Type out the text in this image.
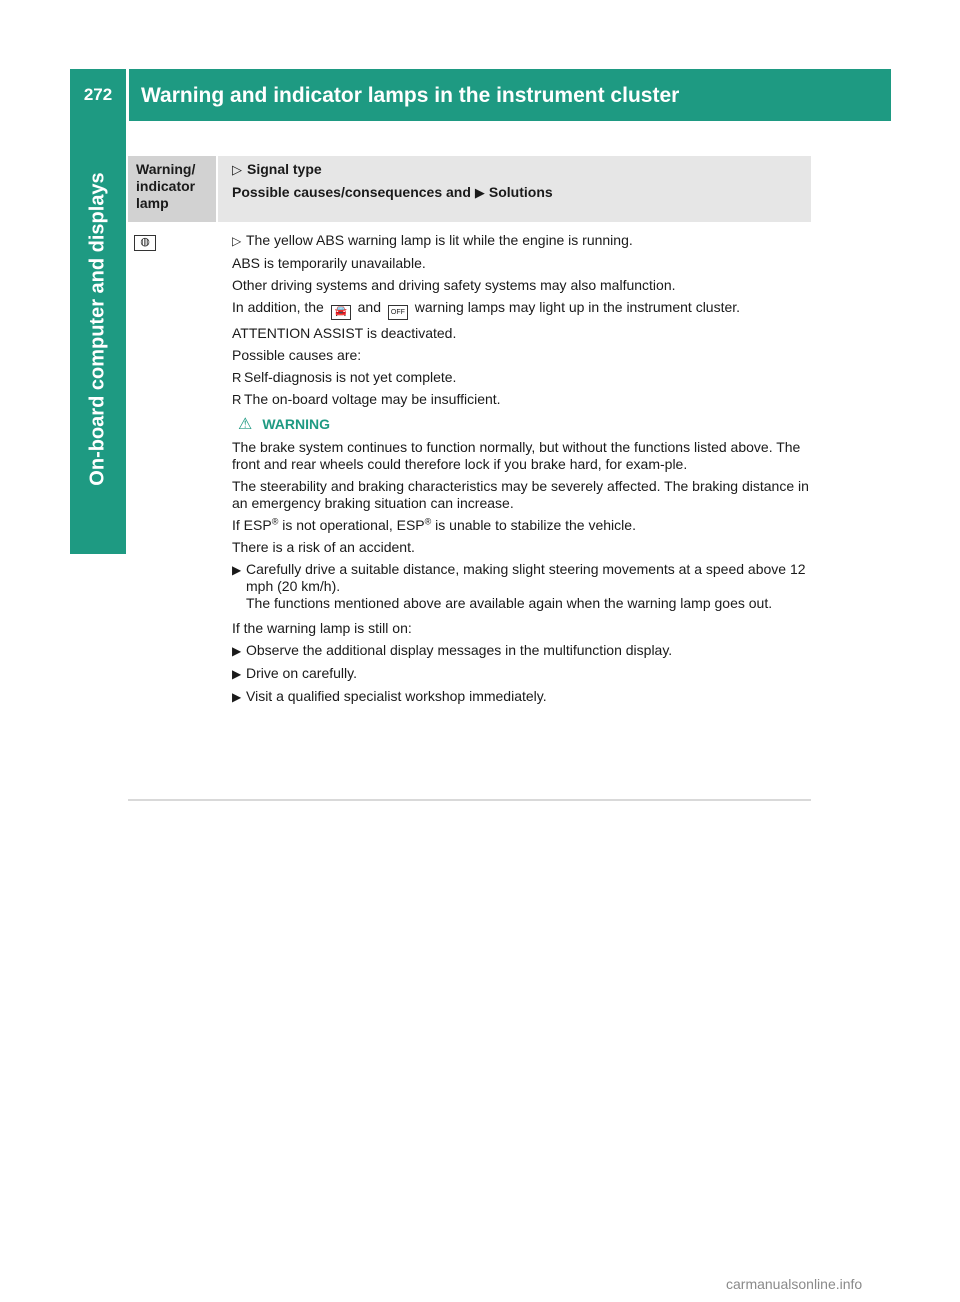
272	Warning and indicator lamps in the instrument cluster
On-board computer and displays
Warning/
indicator
lamp
▷ Signal type
Possible causes/consequences and ▶ Solutions
◍	▷ The yellow ABS warning lamp is lit while the engine is running.

ABS is temporarily unavailable.

Other driving systems and driving safety systems may also malfunction.

In addition, the 🚘 and OFF warning lamps may light up in the instrument cluster.

ATTENTION ASSIST is deactivated.

Possible causes are:

R Self-diagnosis is not yet complete.
R The on-board voltage may be insufficient.
⚠ WARNING

The brake system continues to function normally, but without the functions listed above. The front and rear wheels could therefore lock if you brake hard, for exam-ple.

The steerability and braking characteristics may be severely affected. The braking distance in an emergency braking situation can increase.

If ESP® is not operational, ESP® is unable to stabilize the vehicle.

There is a risk of an accident.

▶ Carefully drive a suitable distance, making slight steering movements at a speed above 12 mph (20 km/h).
The functions mentioned above are available again when the warning lamp goes out.

If the warning lamp is still on:

▶ Observe the additional display messages in the multifunction display.
▶ Drive on carefully.
▶ Visit a qualified specialist workshop immediately.
carmanualsonline.info
